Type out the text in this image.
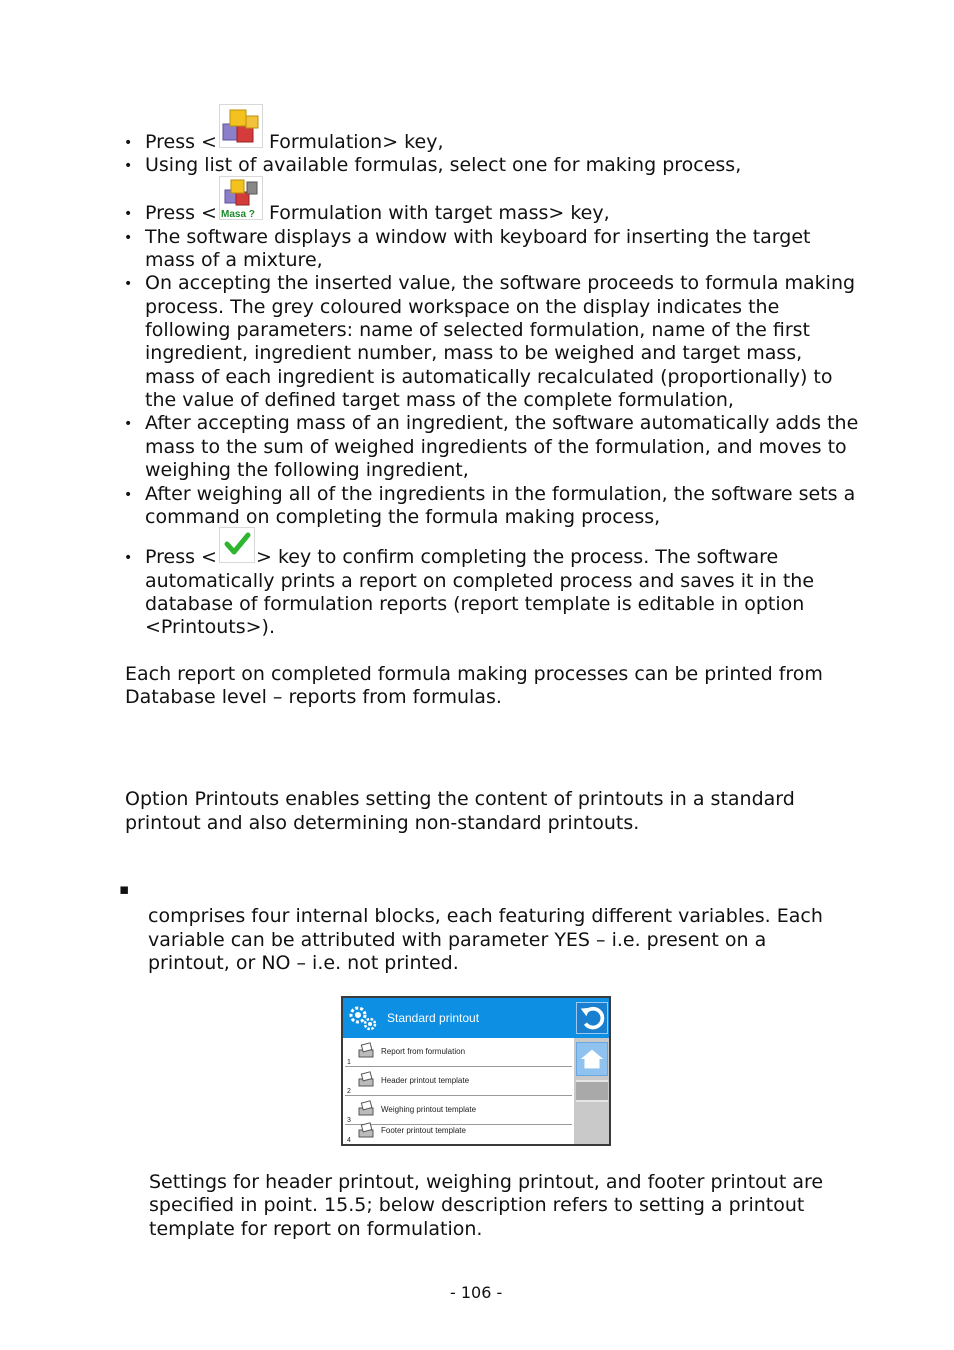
• Press <	Formulation> key,
• Using list of available formulas, select one for making process,
• Press < Masa ? Formulation with target mass> key,
• The software displays a window with keyboard for inserting the target
mass of a mixture,
• On accepting the inserted value, the software proceeds to formula making
process. The grey coloured workspace on the display indicates the
following parameters: name of selected formulation, name of the first
ingredient, ingredient number, mass to be weighed and target mass,
mass of each ingredient is automatically recalculated (proportionally) to
the value of defined target mass of the complete formulation,
• After accepting mass of an ingredient, the software automatically adds the
mass to the sum of weighed ingredients of the formulation, and moves to
weighing the following ingredient,
• After weighing all of the ingredients in the formulation, the software sets a
command on completing the formula making process,
• Press < > key to confirm completing the process. The software
automatically prints a report on completed process and saves it in the
database of formulation reports (report template is editable in option
<Printouts>).
Each report on completed formula making processes can be printed from
Database level – reports from formulas.
Option Printouts enables setting the content of printouts in a standard
printout and also determining non-standard printouts.
▪
comprises four internal blocks, each featuring different variables. Each
variable can be attributed with parameter YES – i.e. present on a
printout, or NO – i.e. not printed.
Standard printout
Report from formulation
1
Header printout template
2
Weighing printout template
3
Footer printout template
4
Settings for header printout, weighing printout, and footer printout are
specified in point. 15.5; below description refers to setting a printout
template for report on formulation.
- 106 -
